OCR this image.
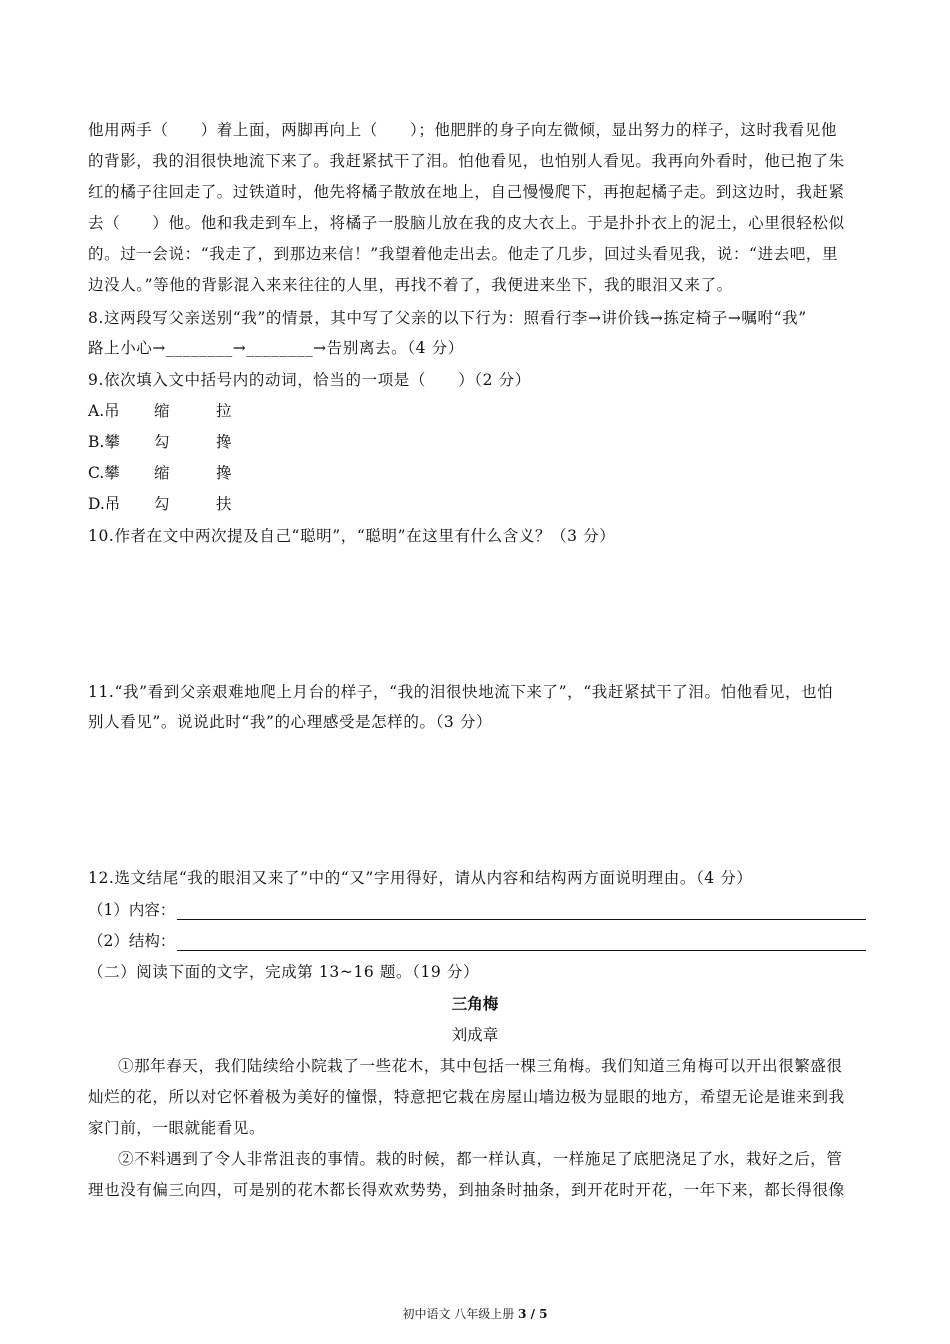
他用两手（　　）着上面，两脚再向上（　　）；他肥胖的身子向左微倾，显出努力的样子，这时我看见他
的背影，我的泪很快地流下来了。我赶紧拭干了泪。怕他看见，也怕别人看见。我再向外看时，他已抱了朱
红的橘子往回走了。过铁道时，他先将橘子散放在地上，自己慢慢爬下，再抱起橘子走。到这边时，我赶紧
去（　　）他。他和我走到车上，将橘子一股脑儿放在我的皮大衣上。于是扑扑衣上的泥土，心里很轻松似
的。过一会说：“我走了，到那边来信！”我望着他走出去。他走了几步，回过头看见我，说：“进去吧，里
边没人。”等他的背影混入来来往往的人里，再找不着了，我便进来坐下，我的眼泪又来了。
8.这两段写父亲送别“我”的情景，其中写了父亲的以下行为：照看行李→讲价钱→拣定椅子→嘱咐“我”
路上小心→________→________→告别离去。（4 分）
9.依次填入文中括号内的动词，恰当的一项是（　　）（2 分）
A.吊 缩	拉
B.攀 勾	搀
C.攀 缩	搀
D.吊 勾	扶
10.作者在文中两次提及自己“聪明”，“聪明”在这里有什么含义？（3 分）
11.“我”看到父亲艰难地爬上月台的样子，“我的泪很快地流下来了”，“我赶紧拭干了泪。怕他看见，也怕
别人看见”。说说此时“我”的心理感受是怎样的。（3 分）
12.选文结尾“我的眼泪又来了”中的“又”字用得好，请从内容和结构两方面说明理由。（4 分）
（1）内容：
（2）结构：
（二）阅读下面的文字，完成第 13~16 题。（19 分）
三角梅
刘成章
①那年春天，我们陆续给小院栽了一些花木，其中包括一棵三角梅。我们知道三角梅可以开出很繁盛很
灿烂的花，所以对它怀着极为美好的憧憬，特意把它栽在房屋山墙边极为显眼的地方，希望无论是谁来到我
家门前，一眼就能看见。
②不料遇到了令人非常沮丧的事情。栽的时候，都一样认真，一样施足了底肥浇足了水，栽好之后，管
理也没有偏三向四，可是别的花木都长得欢欢势势，到抽条时抽条，到开花时开花，一年下来，都长得很像
初中语文 八年级上册 3 / 5
